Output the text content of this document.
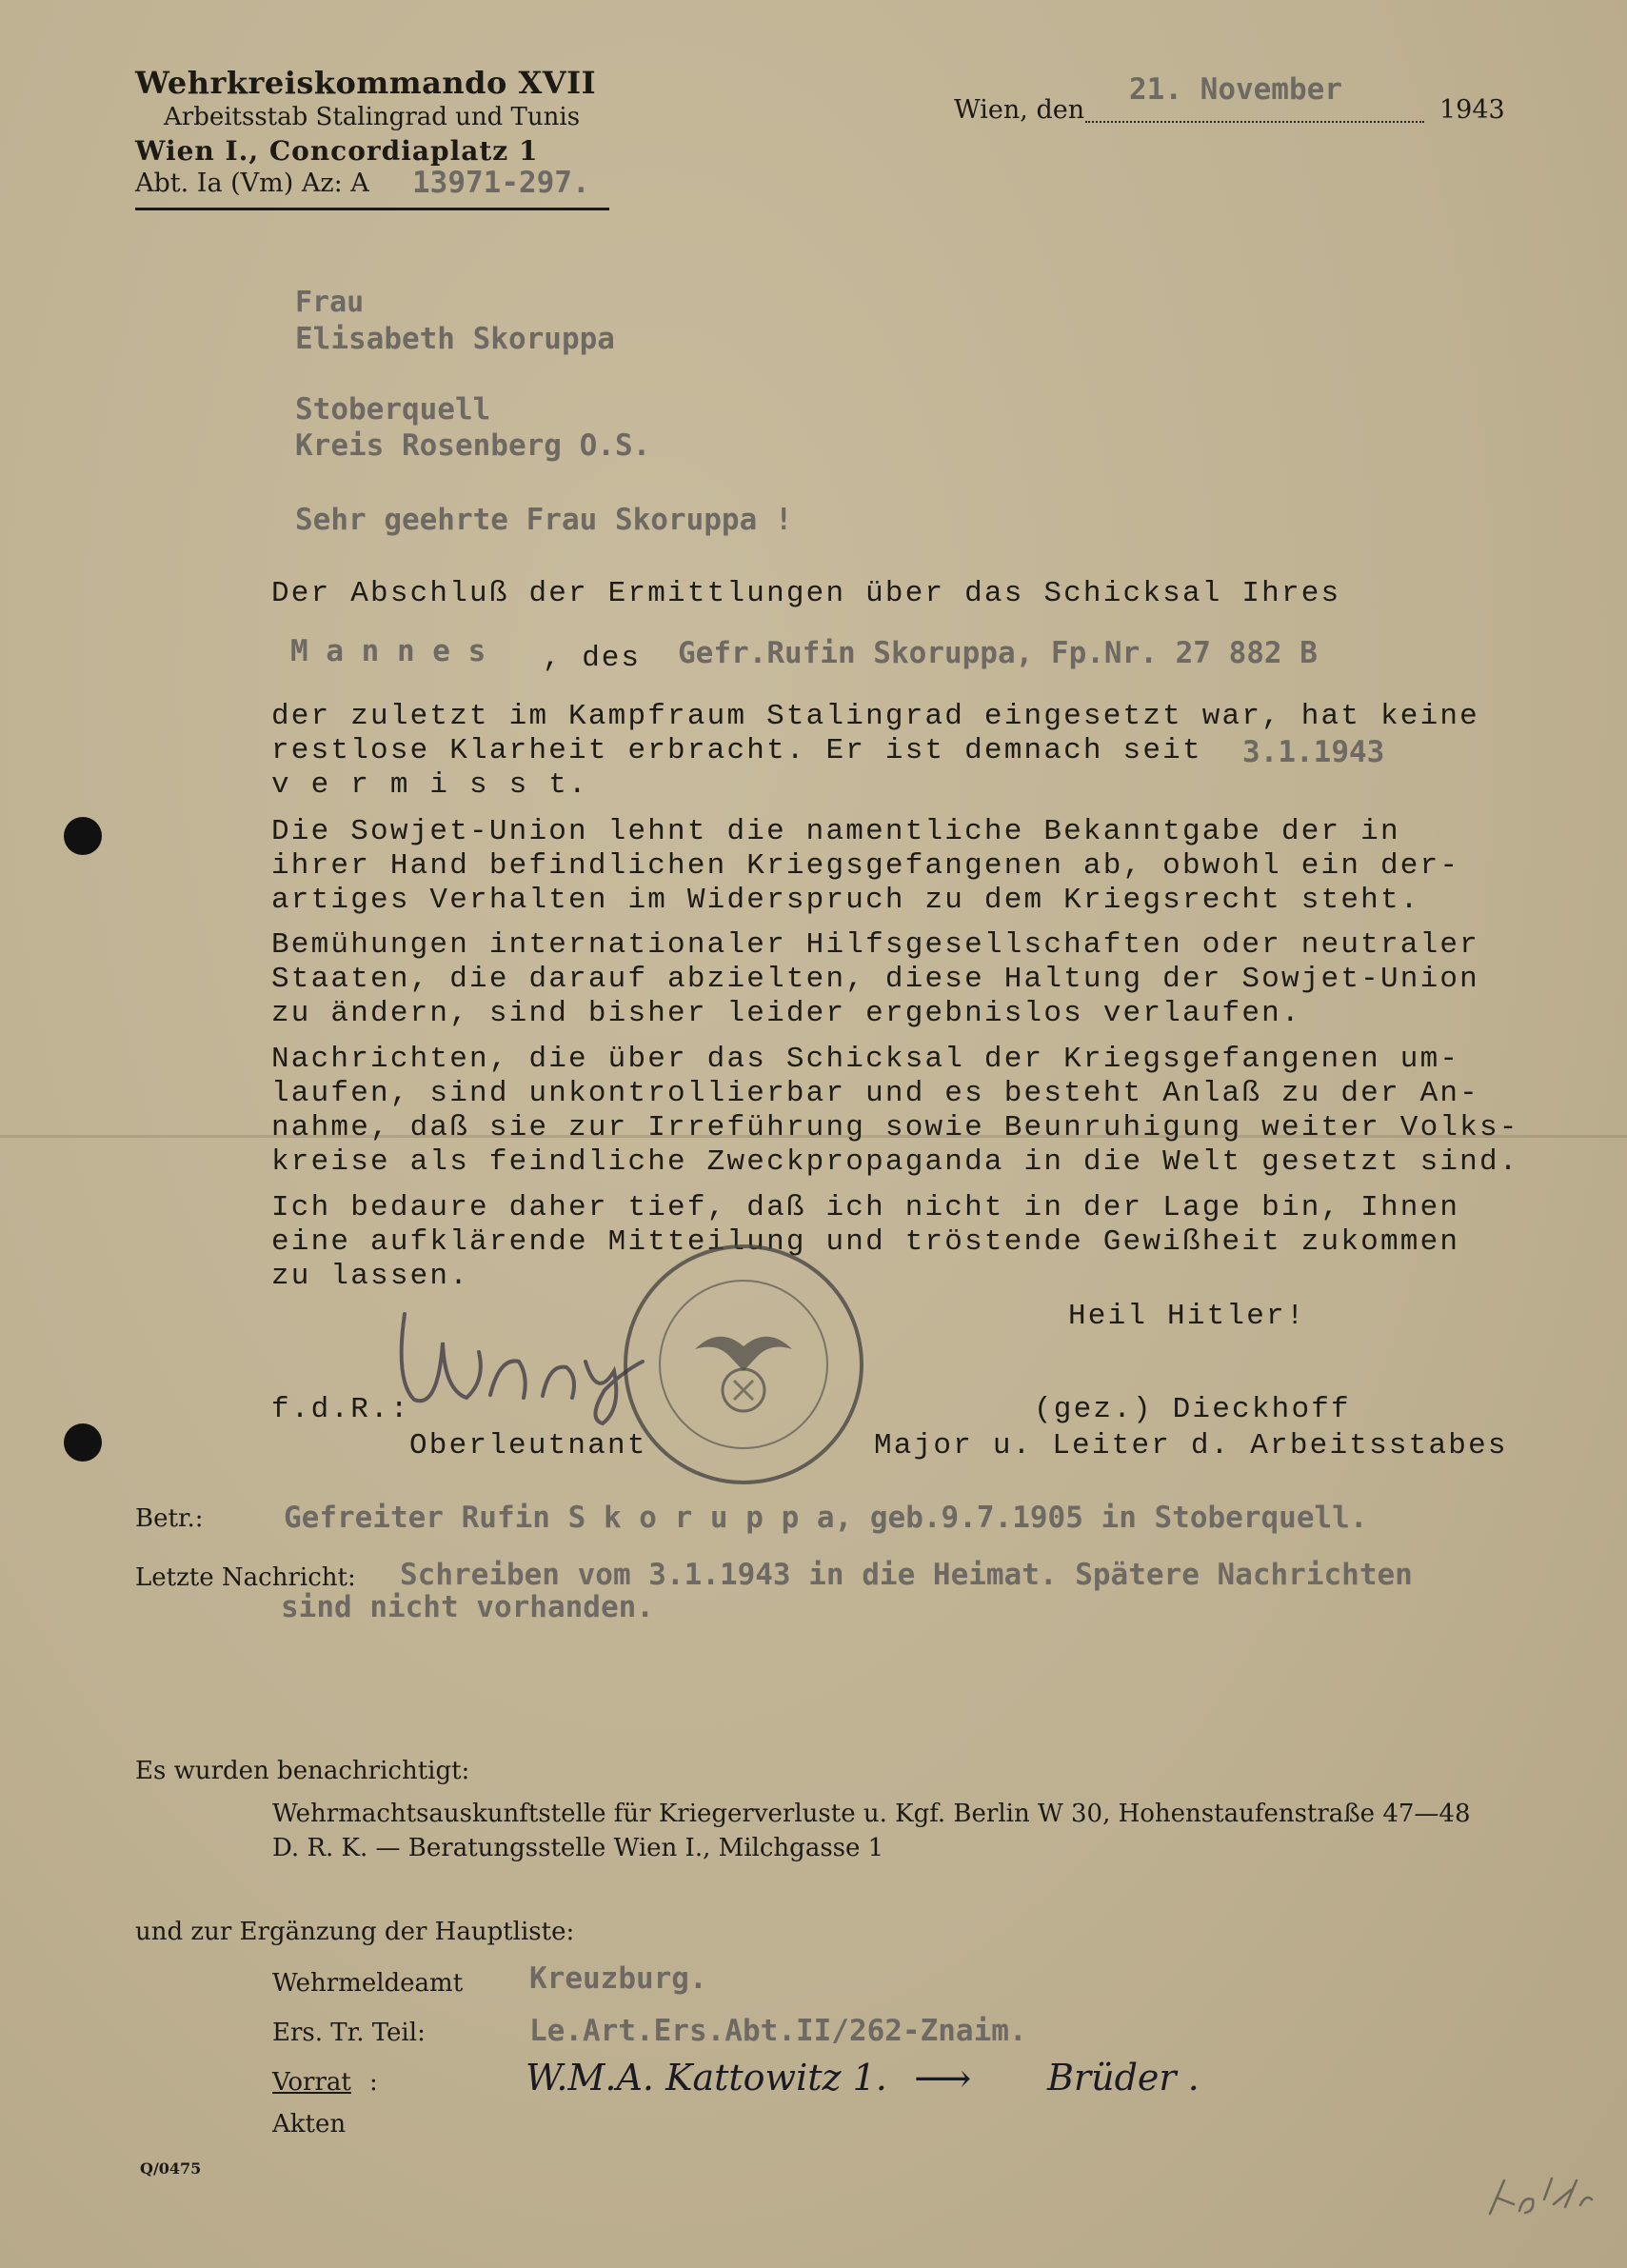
Wehrkreiskommando XVII
Arbeitsstab Stalingrad und Tunis
Wien I., Concordiaplatz 1
Abt. Ia (Vm) Az: A 13971-297.
Wien, den
21. November
1943
Frau
Elisabeth Skoruppa
Stoberquell
Kreis Rosenberg O.S.
Sehr geehrte Frau Skoruppa !
Der Abschluß der Ermittlungen über das Schicksal Ihres
M a n n e s , des Gefr.Rufin Skoruppa, Fp.Nr. 27 882 B
der zuletzt im Kampfraum Stalingrad eingesetzt war, hat keine
restlose Klarheit erbracht. Er ist demnach seit 3.1.1943
v e r m i s s t.
Die Sowjet-Union lehnt die namentliche Bekanntgabe der in
ihrer Hand befindlichen Kriegsgefangenen ab, obwohl ein der-
artiges Verhalten im Widerspruch zu dem Kriegsrecht steht.
Bemühungen internationaler Hilfsgesellschaften oder neutraler
Staaten, die darauf abzielten, diese Haltung der Sowjet-Union
zu ändern, sind bisher leider ergebnislos verlaufen.
Nachrichten, die über das Schicksal der Kriegsgefangenen um-
laufen, sind unkontrollierbar und es besteht Anlaß zu der An-
nahme, daß sie zur Irreführung sowie Beunruhigung weiter Volks-
kreise als feindliche Zweckpropaganda in die Welt gesetzt sind.
Ich bedaure daher tief, daß ich nicht in der Lage bin, Ihnen
eine aufklärende Mitteilung und tröstende Gewißheit zukommen
zu lassen.
Heil Hitler!
f.d.R.:	(gez.) Dieckhoff
Oberleutnant	Major u. Leiter d. Arbeitsstabes
Betr.:	Gefreiter Rufin S k o r u p p a, geb.9.7.1905 in Stoberquell.
Letzte Nachricht: Schreiben vom 3.1.1943 in die Heimat. Spätere Nachrichten
sind nicht vorhanden.
Es wurden benachrichtigt:
Wehrmachtsauskunftstelle für Kriegerverluste u. Kgf. Berlin W 30, Hohenstaufenstraße 47—48
D. R. K. — Beratungsstelle Wien I., Milchgasse 1
und zur Ergänzung der Hauptliste:
Wehrmeldeamt Kreuzburg.
Ers. Tr. Teil:	Le.Art.Ers.Abt.II/262-Znaim.
Vorrat :	W.M.A. Kattowitz 1. ⟶ Brüder .
Akten
Q/0475
